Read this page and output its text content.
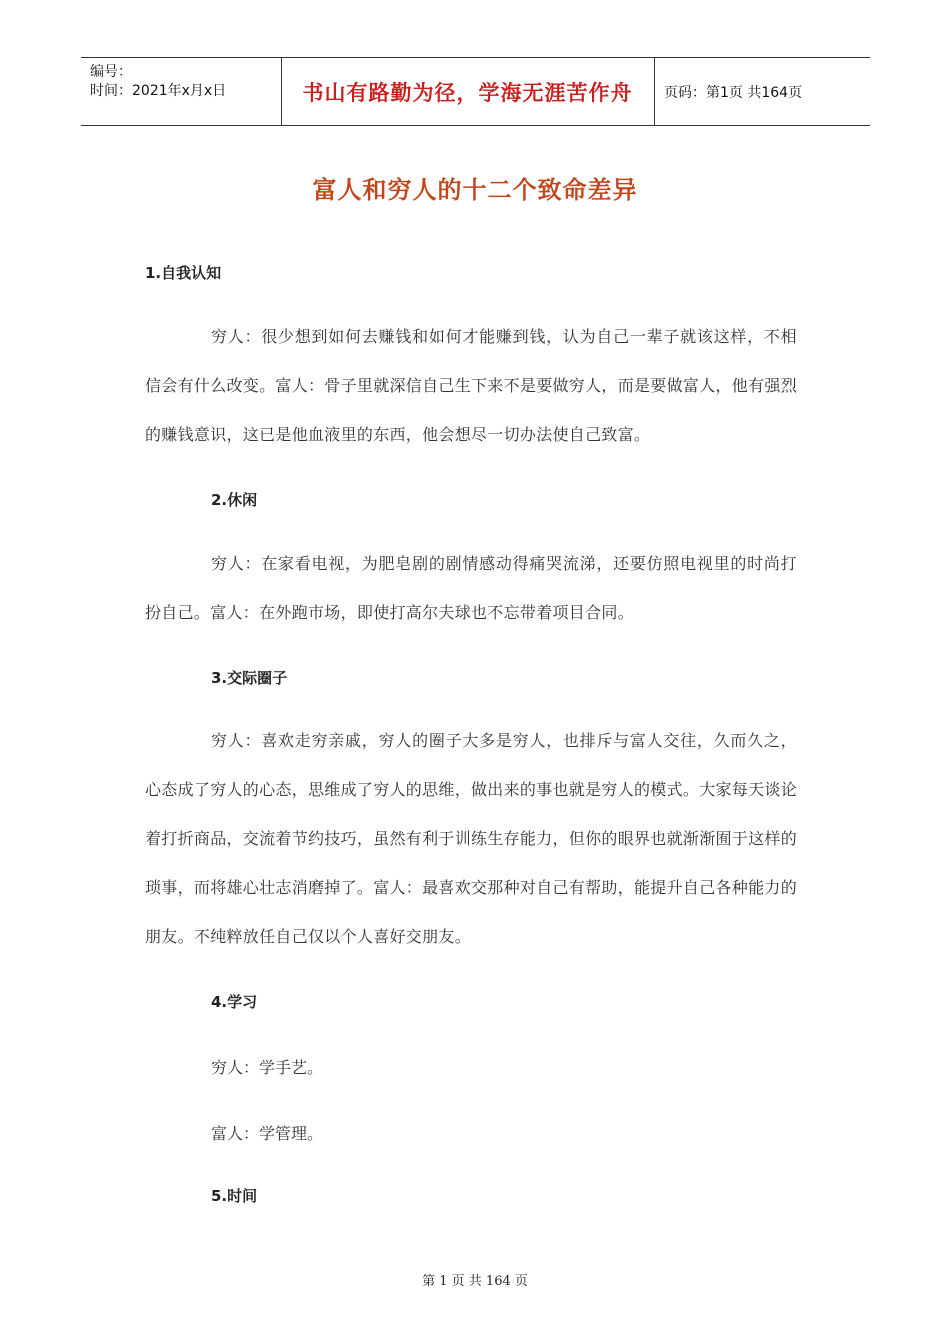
编号：
时间：2021年x月x日	书山有路勤为径，学海无涯苦作舟 页码：第1页 共164页
富人和穷人的十二个致命差异
1.自我认知
穷人：很少想到如何去赚钱和如何才能赚到钱，认为自己一辈子就该这样，不相信会有什么改变。富人：骨子里就深信自己生下来不是要做穷人，而是要做富人，他有强烈的赚钱意识，这已是他血液里的东西，他会想尽一切办法使自己致富。
2.休闲
穷人：在家看电视，为肥皂剧的剧情感动得痛哭流涕，还要仿照电视里的时尚打扮自己。富人：在外跑市场，即使打高尔夫球也不忘带着项目合同。
3.交际圈子
穷人：喜欢走穷亲戚，穷人的圈子大多是穷人，也排斥与富人交往，久而久之，心态成了穷人的心态，思维成了穷人的思维，做出来的事也就是穷人的模式。大家每天谈论着打折商品，交流着节约技巧，虽然有利于训练生存能力，但你的眼界也就渐渐囿于这样的琐事，而将雄心壮志消磨掉了。富人：最喜欢交那种对自己有帮助，能提升自己各种能力的朋友。不纯粹放任自己仅以个人喜好交朋友。
4.学习
穷人：学手艺。
富人：学管理。
5.时间
第 1 页 共 164 页
